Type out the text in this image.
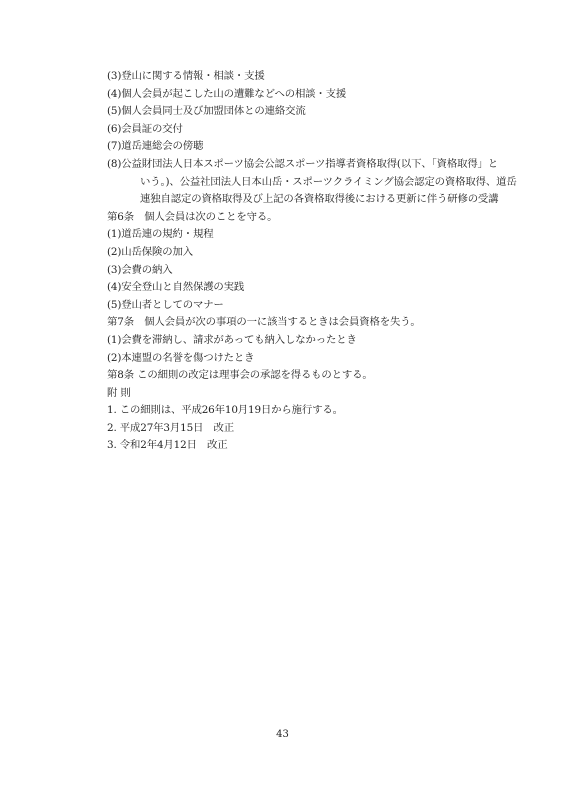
(3)登山に関する情報・相談・支援
(4)個人会員が起こした山の遭難などへの相談・支援
(5)個人会員同士及び加盟団体との連絡交流
(6)会員証の交付
(7)道岳連総会の傍聴
(8)公益財団法人日本スポーツ協会公認スポーツ指導者資格取得(以下、「資格取得」と
いう。)、公益社団法人日本山岳・スポーツクライミング協会認定の資格取得、道岳
連独自認定の資格取得及び上記の各資格取得後における更新に伴う研修の受講
第6条　個人会員は次のことを守る。
(1)道岳連の規約・規程
(2)山岳保険の加入
(3)会費の納入
(4)安全登山と自然保護の実践
(5)登山者としてのマナー
第7条　個人会員が次の事項の一に該当するときは会員資格を失う。
(1)会費を滞納し、請求があっても納入しなかったとき
(2)本連盟の名誉を傷つけたとき
第8条 この細則の改定は理事会の承認を得るものとする。
附 則
1. この細則は、平成26年10月19日から施行する。
2. 平成27年3月15日　改正
3. 令和2年4月12日　改正
43
